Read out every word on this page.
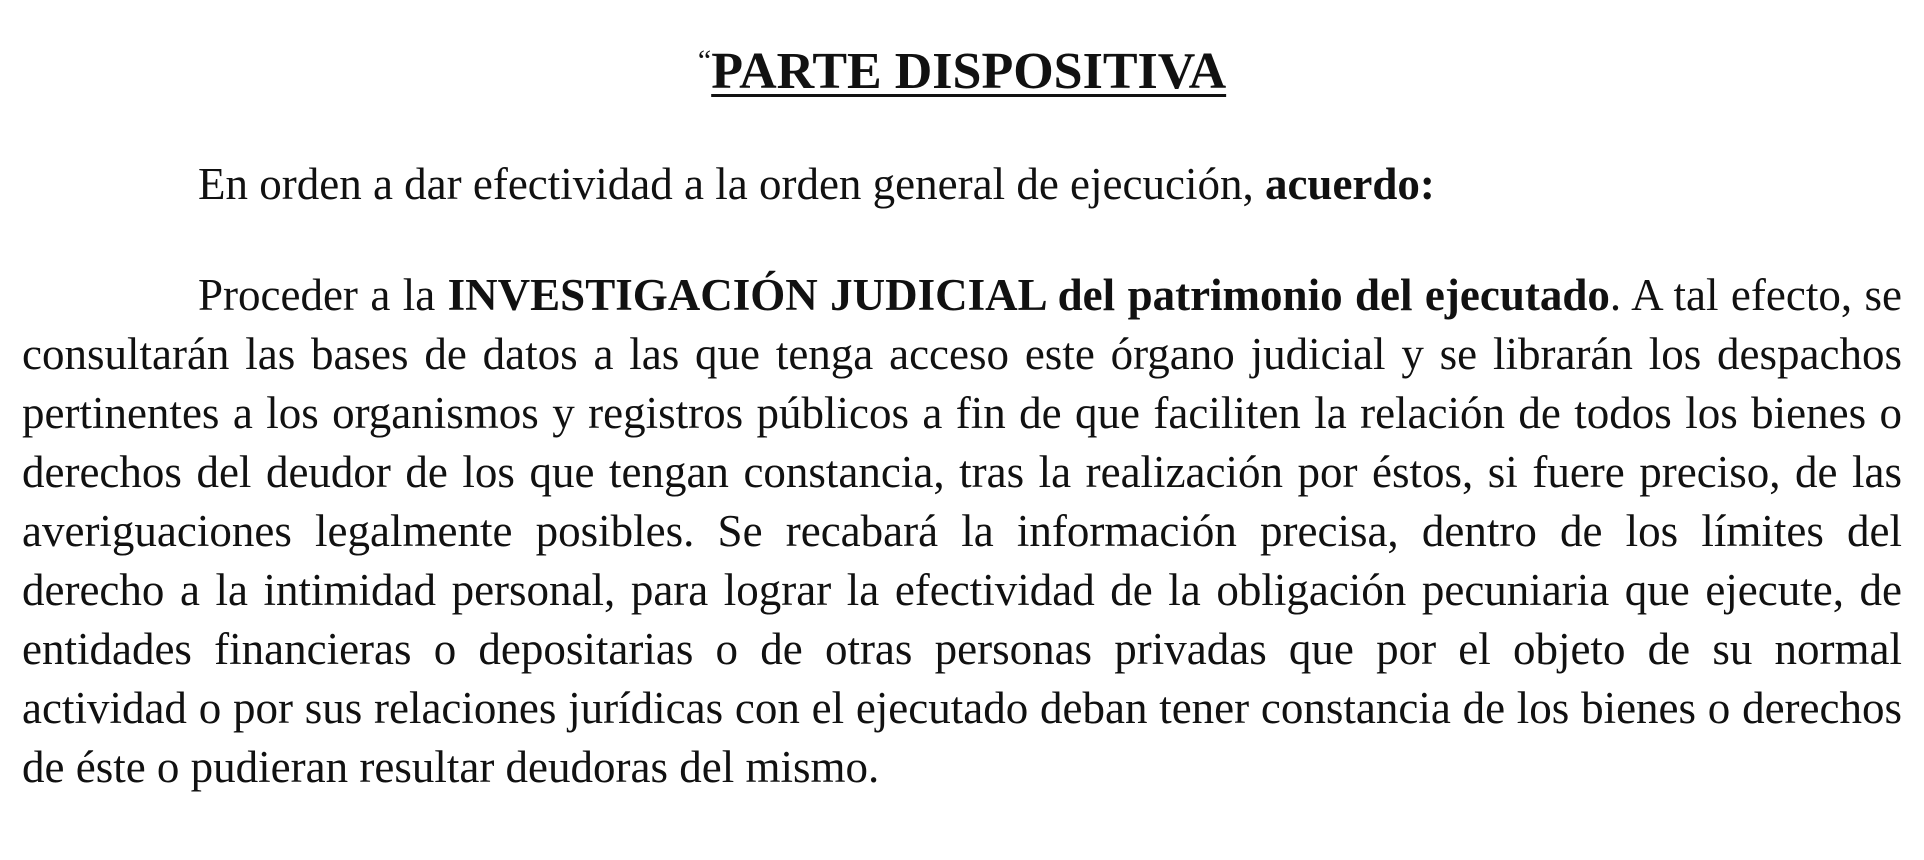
“PARTE DISPOSITIVA

En orden a dar efectividad a la orden general de ejecución, acuerdo:

Proceder a la INVESTIGACIÓN JUDICIAL del patrimonio del ejecutado. A tal efecto, se consultarán las bases de datos a las que tenga acceso este órgano judicial y se librarán los despachos pertinentes a los organismos y registros públicos a fin de que faciliten la relación de todos los bienes o derechos del deudor de los que tengan constancia, tras la realización por éstos, si fuere preciso, de las averiguaciones legalmente posibles. Se recabará la información precisa, dentro de los límites del derecho a la intimidad personal, para lograr la efectividad de la obligación pecuniaria que ejecute, de entidades financieras o depositarias o de otras personas privadas que por el objeto de su normal actividad o por sus relaciones jurídicas con el ejecutado deban tener constancia de los bienes o derechos de éste o pudieran resultar deudoras del mismo.
